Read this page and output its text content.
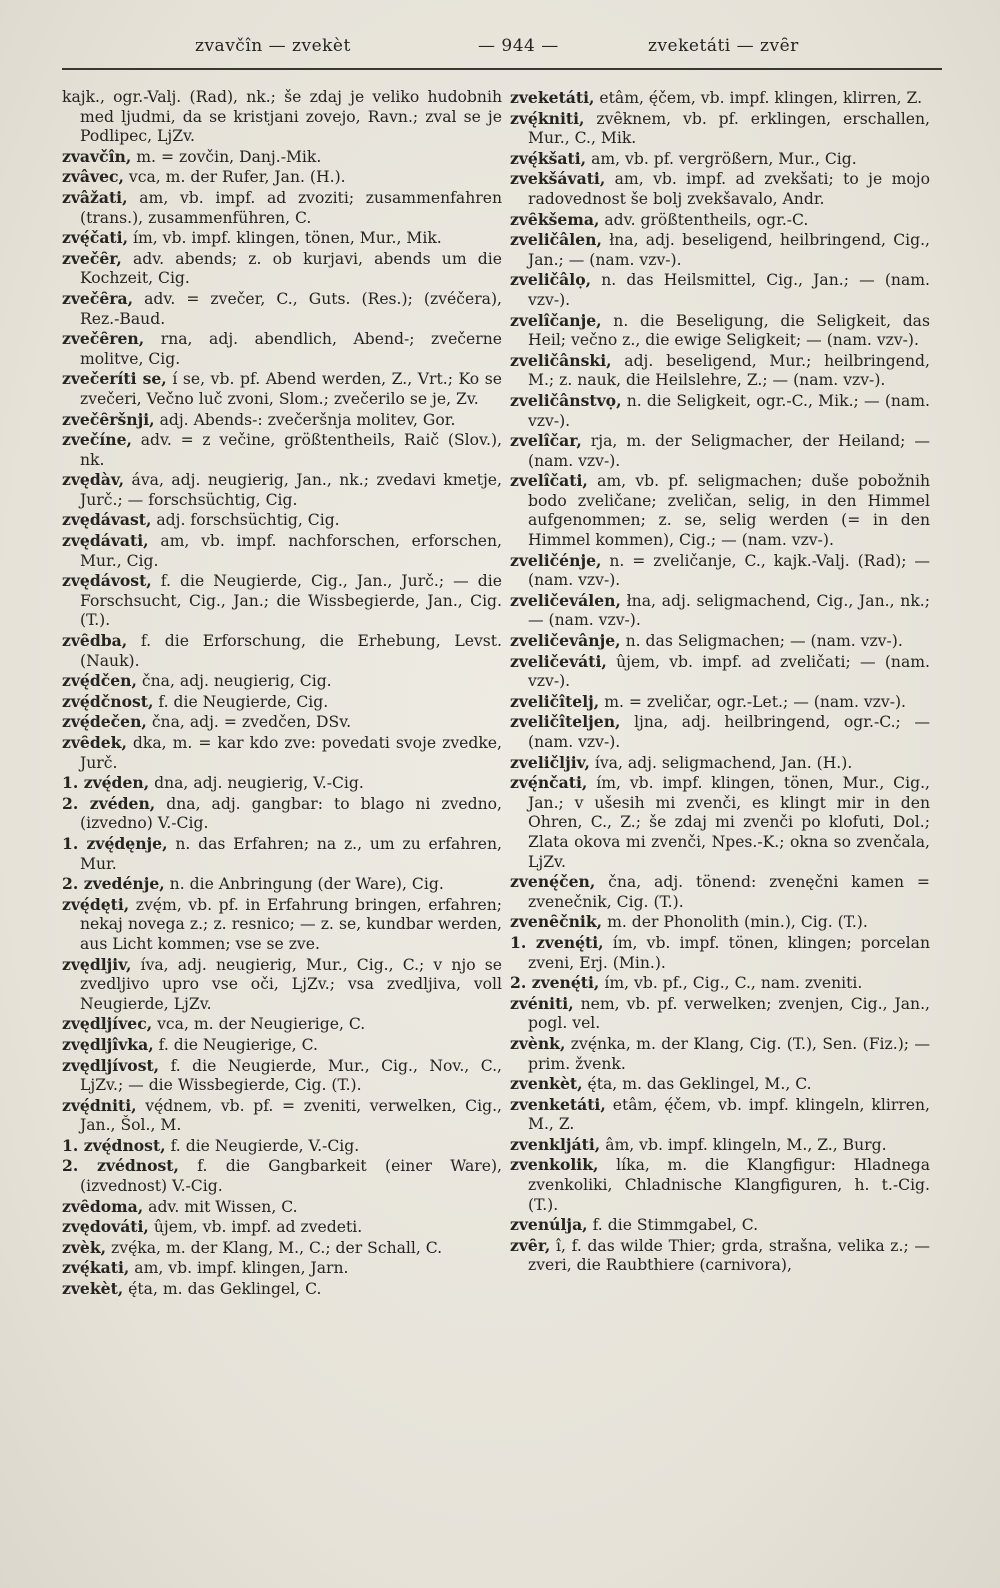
zvavčîn — zvekèt	— 944 —	zveketáti — zvȇr

kajk., ogr.-Valj. (Rad), nk.; še zdaj je veliko hudobnih med ljudmi, da se kristjani zovejo, Ravn.; zval se je Podlipec, LjZv.

zvavčîn, m. = zovčin, Danj.-Mik.

zvâvec, vca, m. der Rufer, Jan. (H.).

zvâžati, am, vb. impf. ad zvoziti; zusammenfahren (trans.), zusammenführen, C.

zvę́čati, ím, vb. impf. klingen, tönen, Mur., Mik.

zvečȇr, adv. abends; z. ob kurjavi, abends um die Kochzeit, Cig.

zvečȇra, adv. = zvečer, C., Guts. (Res.); (zvéčera), Rez.-Baud.

zvečȇren, rna, adj. abendlich, Abend-; zvečerne molitve, Cig.

zvečeríti se, í se, vb. pf. Abend werden, Z., Vrt.; Ko se zvečeri, Večno luč zvoni, Slom.; zvečerilo se je, Zv.

zvečȇršnji, adj. Abends-: zvečeršnja molitev, Gor.

zvečíne, adv. = z večine, größtentheils, Raič (Slov.), nk.

zvędàv, áva, adj. neugierig, Jan., nk.; zvedavi kmetje, Jurč.; — forschsüchtig, Cig.

zvędávast, adj. forschsüchtig, Cig.

zvędávati, am, vb. impf. nachforschen, erforschen, Mur., Cig.

zvędávost, f. die Neugierde, Cig., Jan., Jurč.; — die Forschsucht, Cig., Jan.; die Wissbegierde, Jan., Cig. (T.).

zvȇdba, f. die Erforschung, die Erhebung, Levst. (Nauk).

zvę́dčen, čna, adj. neugierig, Cig.

zvę́dčnost, f. die Neugierde, Cig.

zvę́dečen, čna, adj. = zvedčen, DSv.

zvȇdek, dka, m. = kar kdo zve: povedati svoje zvedke, Jurč.

1. zvę́den, dna, adj. neugierig, V.-Cig.

2. zvéden, dna, adj. gangbar: to blago ni zvedno, (izvedno) V.-Cig.

1. zvę́dęnje, n. das Erfahren; na z., um zu erfahren, Mur.

2. zvedénje, n. die Anbringung (der Ware), Cig.

zvę́dęti, zvę́m, vb. pf. in Erfahrung bringen, erfahren; nekaj novega z.; z. resnico; — z. se, kundbar werden, aus Licht kommen; vse se zve.

zvędljiv, íva, adj. neugierig, Mur., Cig., C.; v njo se zvedljivo upro vse oči, LjZv.; vsa zvedljiva, voll Neugierde, LjZv.

zvędljívec, vca, m. der Neugierige, C.

zvędljîvka, f. die Neugierige, C.

zvędljívost, f. die Neugierde, Mur., Cig., Nov., C., LjZv.; — die Wissbegierde, Cig. (T.).

zvę́dniti, vę́dnem, vb. pf. = zveniti, verwelken, Cig., Jan., Šol., M.

1. zvę́dnost, f. die Neugierde, V.-Cig.

2. zvédnost, f. die Gangbarkeit (einer Ware), (izvednost) V.-Cig.

zvȇdoma, adv. mit Wissen, C.

zvędováti, ûjem, vb. impf. ad zvedeti.

zvèk, zvę́ka, m. der Klang, M., C.; der Schall, C.

zvę́kati, am, vb. impf. klingen, Jarn.

zvekèt, ę́ta, m. das Geklingel, C.

zveketáti, etâm, ę́čem, vb. impf. klingen, klirren, Z.

zvę́kniti, zvȇknem, vb. pf. erklingen, erschallen, Mur., C., Mik.

zvę́kšati, am, vb. pf. vergrößern, Mur., Cig.

zvekšávati, am, vb. impf. ad zvekšati; to je mojo radovednost še bolj zvekšavalo, Andr.

zvȇkšema, adv. größtentheils, ogr.-C.

zveličâlen, łna, adj. beseligend, heilbringend, Cig., Jan.; — (nam. vzv-).

zveličâlọ, n. das Heilsmittel, Cig., Jan.; — (nam. vzv-).

zvelîčanje, n. die Beseligung, die Seligkeit, das Heil; večno z., die ewige Seligkeit; — (nam. vzv-).

zveličânski, adj. beseligend, Mur.; heilbringend, M.; z. nauk, die Heilslehre, Z.; — (nam. vzv-).

zveličânstvọ, n. die Seligkeit, ogr.-C., Mik.; — (nam. vzv-).

zvelîčar, rja, m. der Seligmacher, der Heiland; — (nam. vzv-).

zvelîčati, am, vb. pf. seligmachen; duše pobožnih bodo zveličane; zveličan, selig, in den Himmel aufgenommen; z. se, selig werden (= in den Himmel kommen), Cig.; — (nam. vzv-).

zveličénje, n. = zveličanje, C., kajk.-Valj. (Rad); — (nam. vzv-).

zveličeválen, łna, adj. seligmachend, Cig., Jan., nk.; — (nam. vzv-).

zveličevânje, n. das Seligmachen; — (nam. vzv-).

zveličeváti, ûjem, vb. impf. ad zveličati; — (nam. vzv-).

zveličîtelj, m. = zveličar, ogr.-Let.; — (nam. vzv-).

zveličîteljen, ljna, adj. heilbringend, ogr.-C.; — (nam. vzv-).

zveličljiv, íva, adj. seligmachend, Jan. (H.).

zvę́nčati, ím, vb. impf. klingen, tönen, Mur., Cig., Jan.; v ušesih mi zvenči, es klingt mir in den Ohren, C., Z.; še zdaj mi zvenči po klofuti, Dol.; Zlata okova mi zvenči, Npes.-K.; okna so zvenčala, LjZv.

zvenę́čen, čna, adj. tönend: zvenęčni kamen = zvenečnik, Cig. (T.).

zvenȇčnik, m. der Phonolith (min.), Cig. (T.).

1. zvenę́ti, ím, vb. impf. tönen, klingen; porcelan zveni, Erj. (Min.).

2. zvenę́ti, ím, vb. pf., Cig., C., nam. zveniti.

zvéniti, nem, vb. pf. verwelken; zvenjen, Cig., Jan., pogl. vel.

zvènk, zvę́nka, m. der Klang, Cig. (T.), Sen. (Fiz.); — prim. žvenk.

zvenkèt, ę́ta, m. das Geklingel, M., C.

zvenketáti, etâm, ę́čem, vb. impf. klingeln, klirren, M., Z.

zvenkljáti, âm, vb. impf. klingeln, M., Z., Burg.

zvenkolik, líka, m. die Klangfigur: Hladnega zvenkoliki, Chladnische Klangfiguren, h. t.-Cig. (T.).

zvenúlja, f. die Stimmgabel, C.

zvȇr, î, f. das wilde Thier; grda, strašna, velika z.; — zveri, die Raubthiere (carnivora),
